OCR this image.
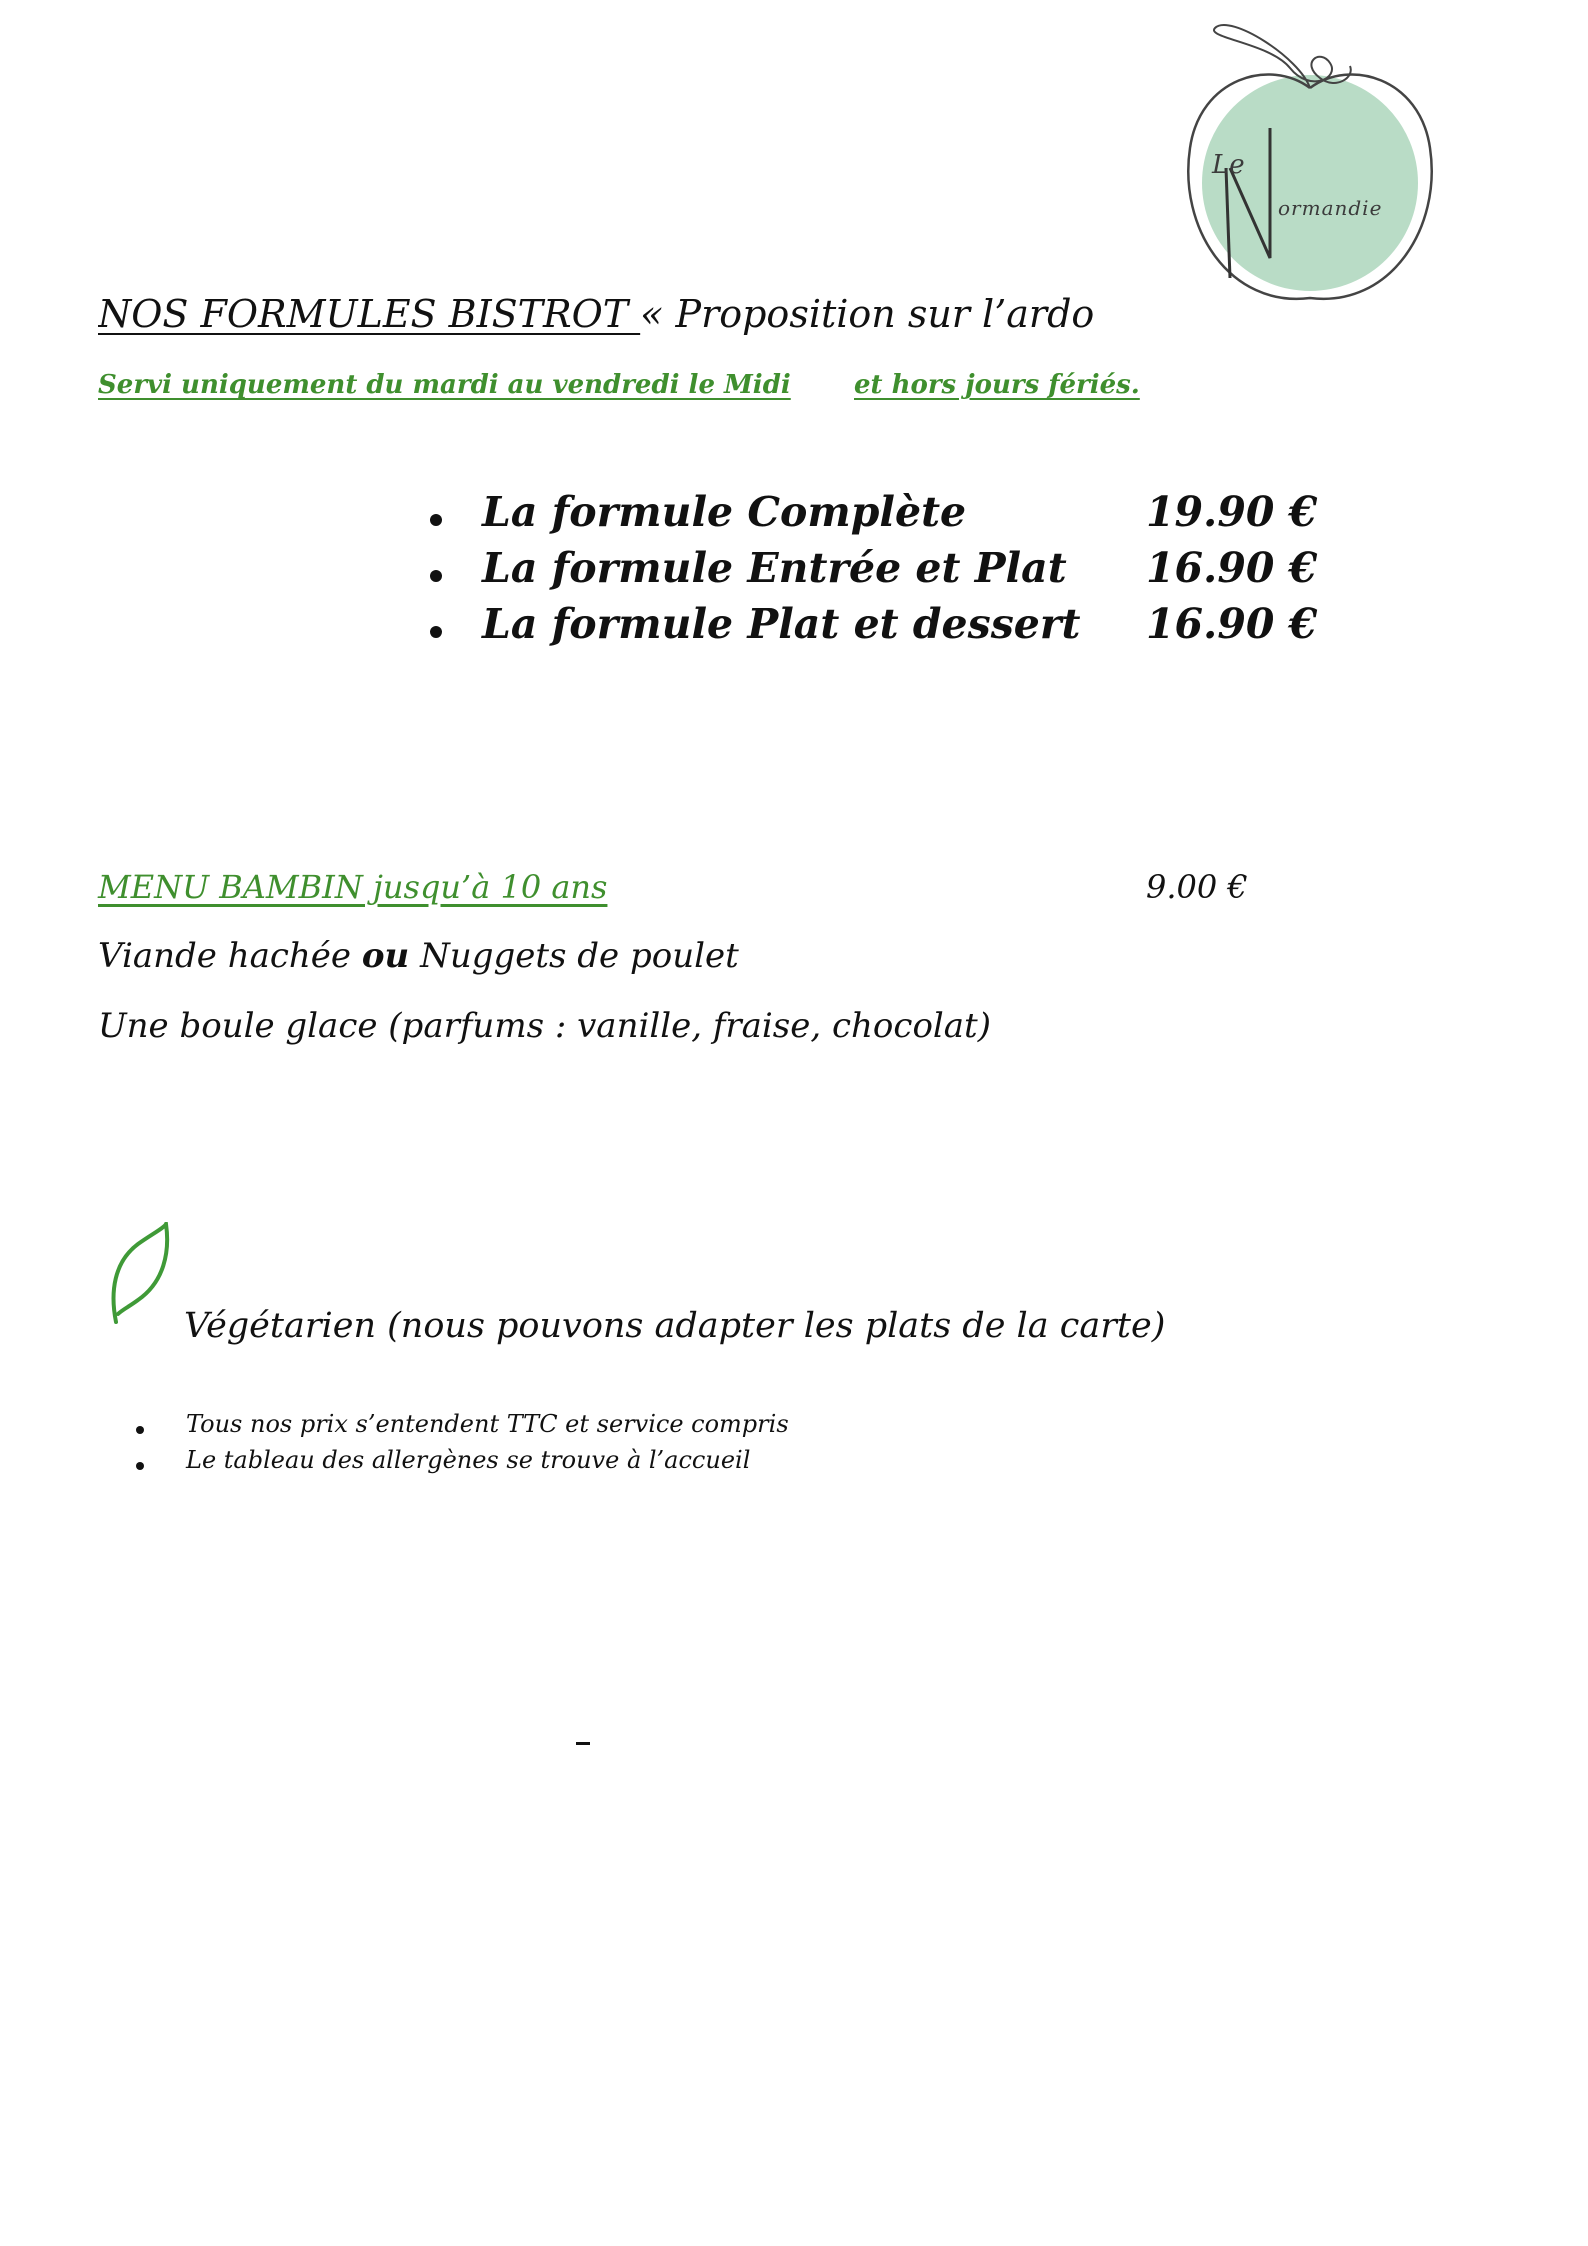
Le
ormandie
NOS FORMULES BISTROT « Proposition sur l’ardo
Servi uniquement du mardi au vendredi le Midi et hors jours fériés.
La formule Complète	19.90 €
La formule Entrée et Plat 16.90 €
La formule Plat et dessert 16.90 €
MENU BAMBIN jusqu’à 10 ans	9.00 €
Viande hachée ou Nuggets de poulet
Une boule glace (parfums : vanille, fraise, chocolat)
Végétarien (nous pouvons adapter les plats de la carte)
Tous nos prix s’entendent TTC et service compris
Le tableau des allergènes se trouve à l’accueil
